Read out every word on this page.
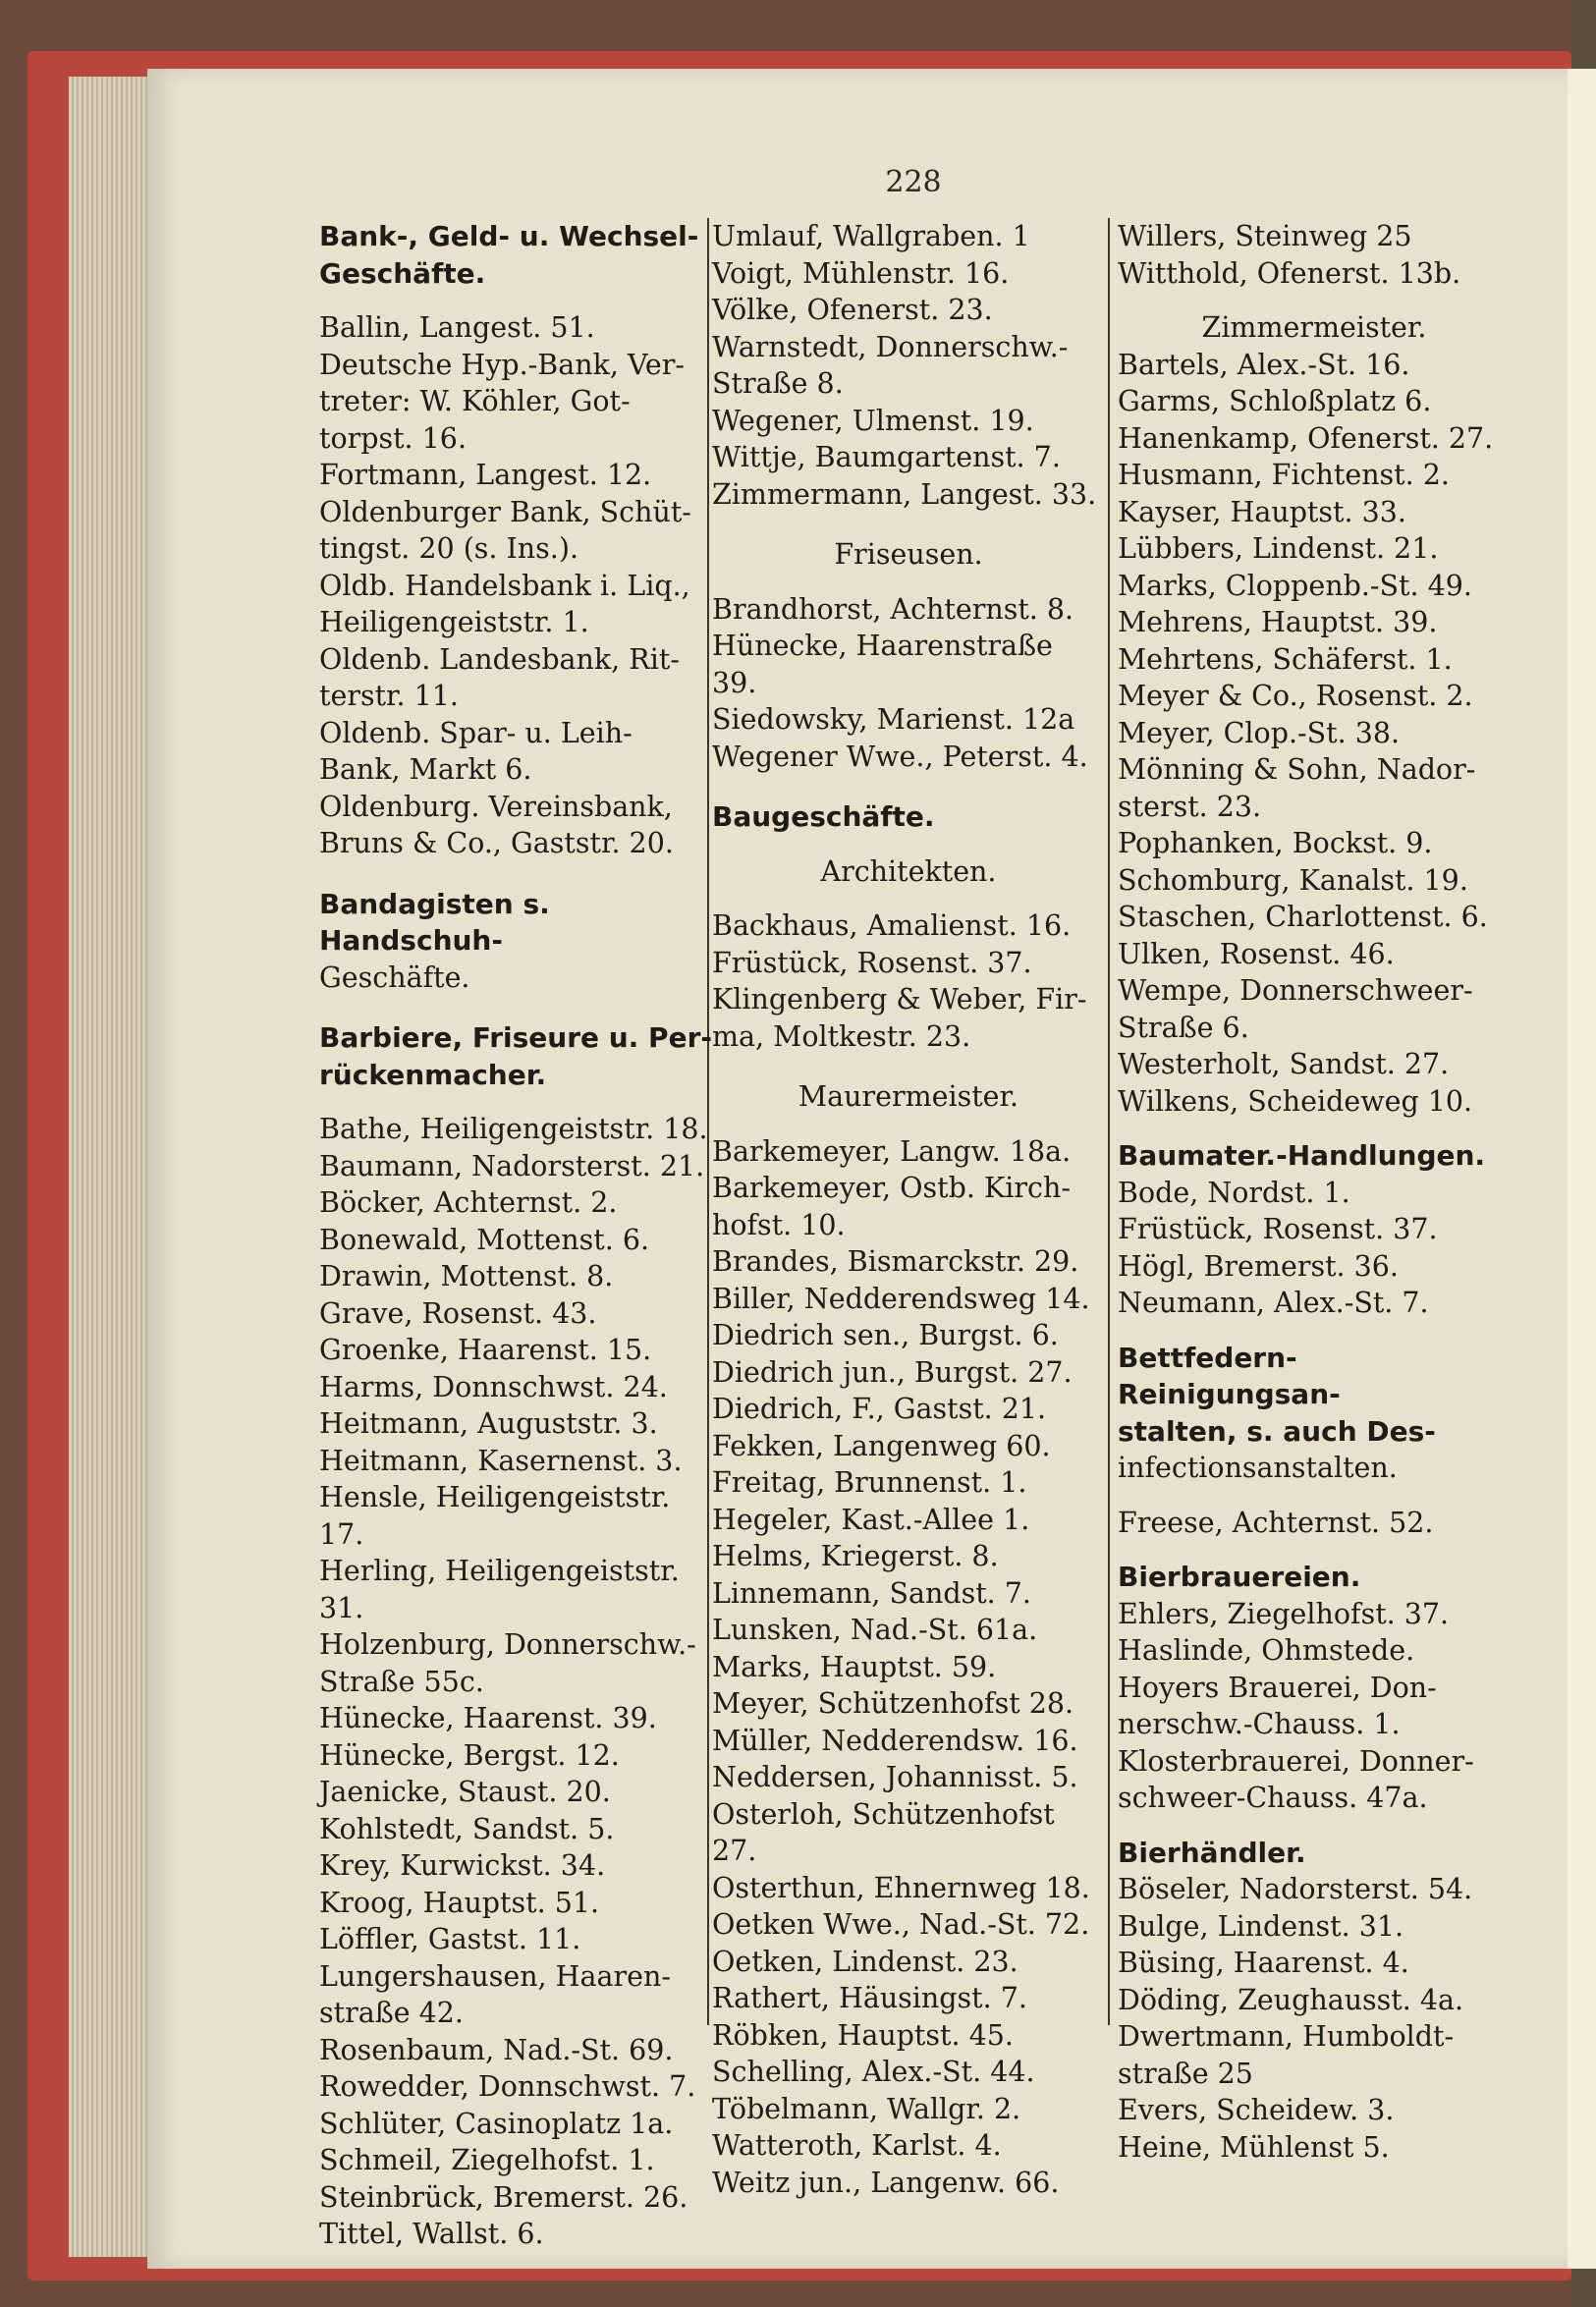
228

Bank-, Geld- u. Wechsel-

Geschäfte.

Ballin, Langest. 51.

Deutsche Hyp.-Bank, Ver-

treter: W. Köhler, Got-

torpst. 16.

Fortmann, Langest. 12.

Oldenburger Bank, Schüt-

tingst. 20 (s. Ins.).

Oldb. Handelsbank i. Liq.,

Heiligengeiststr. 1.

Oldenb. Landesbank, Rit-

terstr. 11.

Oldenb. Spar- u. Leih-

Bank, Markt 6.

Oldenburg. Vereinsbank,

Bruns & Co., Gaststr. 20.

Bandagisten s. Handschuh-

Geschäfte.

Barbiere, Friseure u. Per-

rückenmacher.

Bathe, Heiligengeiststr. 18.

Baumann, Nadorsterst. 21.

Böcker, Achternst. 2.

Bonewald, Mottenst. 6.

Drawin, Mottenst. 8.

Grave, Rosenst. 43.

Groenke, Haarenst. 15.

Harms, Donnschwst. 24.

Heitmann, Auguststr. 3.

Heitmann, Kasernenst. 3.

Hensle, Heiligengeiststr. 17.

Herling, Heiligengeiststr. 31.

Holzenburg, Donnerschw.-

Straße 55c.

Hünecke, Haarenst. 39.

Hünecke, Bergst. 12.

Jaenicke, Staust. 20.

Kohlstedt, Sandst. 5.

Krey, Kurwickst. 34.

Kroog, Hauptst. 51.

Löffler, Gastst. 11.

Lungershausen, Haaren-

straße 42.

Rosenbaum, Nad.-St. 69.

Rowedder, Donnschwst. 7.

Schlüter, Casinoplatz 1a.

Schmeil, Ziegelhofst. 1.

Steinbrück, Bremerst. 26.

Tittel, Wallst. 6.

Umlauf, Wallgraben. 1

Voigt, Mühlenstr. 16.

Völke, Ofenerst. 23.

Warnstedt, Donnerschw.-

Straße 8.

Wegener, Ulmenst. 19.

Wittje, Baumgartenst. 7.

Zimmermann, Langest. 33.

Friseusen.

Brandhorst, Achternst. 8.

Hünecke, Haarenstraße 39.

Siedowsky, Marienst. 12a

Wegener Wwe., Peterst. 4.

Baugeschäfte.

Architekten.

Backhaus, Amalienst. 16.

Früstück, Rosenst. 37.

Klingenberg & Weber, Fir-

ma, Moltkestr. 23.

Maurermeister.

Barkemeyer, Langw. 18a.

Barkemeyer, Ostb. Kirch-

hofst. 10.

Brandes, Bismarckstr. 29.

Biller, Nedderendsweg 14.

Diedrich sen., Burgst. 6.

Diedrich jun., Burgst. 27.

Diedrich, F., Gastst. 21.

Fekken, Langenweg 60.

Freitag, Brunnenst. 1.

Hegeler, Kast.-Allee 1.

Helms, Kriegerst. 8.

Linnemann, Sandst. 7.

Lunsken, Nad.-St. 61a.

Marks, Hauptst. 59.

Meyer, Schützenhofst 28.

Müller, Nedderendsw. 16.

Neddersen, Johannisst. 5.

Osterloh, Schützenhofst 27.

Osterthun, Ehnernweg 18.

Oetken Wwe., Nad.-St. 72.

Oetken, Lindenst. 23.

Rathert, Häusingst. 7.

Röbken, Hauptst. 45.

Schelling, Alex.-St. 44.

Töbelmann, Wallgr. 2.

Watteroth, Karlst. 4.

Weitz jun., Langenw. 66.

Willers, Steinweg 25

Witthold, Ofenerst. 13b.

Zimmermeister.

Bartels, Alex.-St. 16.

Garms, Schloßplatz 6.

Hanenkamp, Ofenerst. 27.

Husmann, Fichtenst. 2.

Kayser, Hauptst. 33.

Lübbers, Lindenst. 21.

Marks, Cloppenb.-St. 49.

Mehrens, Hauptst. 39.

Mehrtens, Schäferst. 1.

Meyer & Co., Rosenst. 2.

Meyer, Clop.-St. 38.

Mönning & Sohn, Nador-

sterst. 23.

Pophanken, Bockst. 9.

Schomburg, Kanalst. 19.

Staschen, Charlottenst. 6.

Ulken, Rosenst. 46.

Wempe, Donnerschweer-

Straße 6.

Westerholt, Sandst. 27.

Wilkens, Scheideweg 10.

Baumater.-Handlungen.

Bode, Nordst. 1.

Früstück, Rosenst. 37.

Högl, Bremerst. 36.

Neumann, Alex.-St. 7.

Bettfedern-Reinigungsan-

stalten, s. auch Des-

infectionsanstalten.

Freese, Achternst. 52.

Bierbrauereien.

Ehlers, Ziegelhofst. 37.

Haslinde, Ohmstede.

Hoyers Brauerei, Don-

nerschw.-Chauss. 1.

Klosterbrauerei, Donner-

schweer-Chauss. 47a.

Bierhändler.

Böseler, Nadorsterst. 54.

Bulge, Lindenst. 31.

Büsing, Haarenst. 4.

Döding, Zeughausst. 4a.

Dwertmann, Humboldt-

straße 25

Evers, Scheidew. 3.

Heine, Mühlenst 5.
